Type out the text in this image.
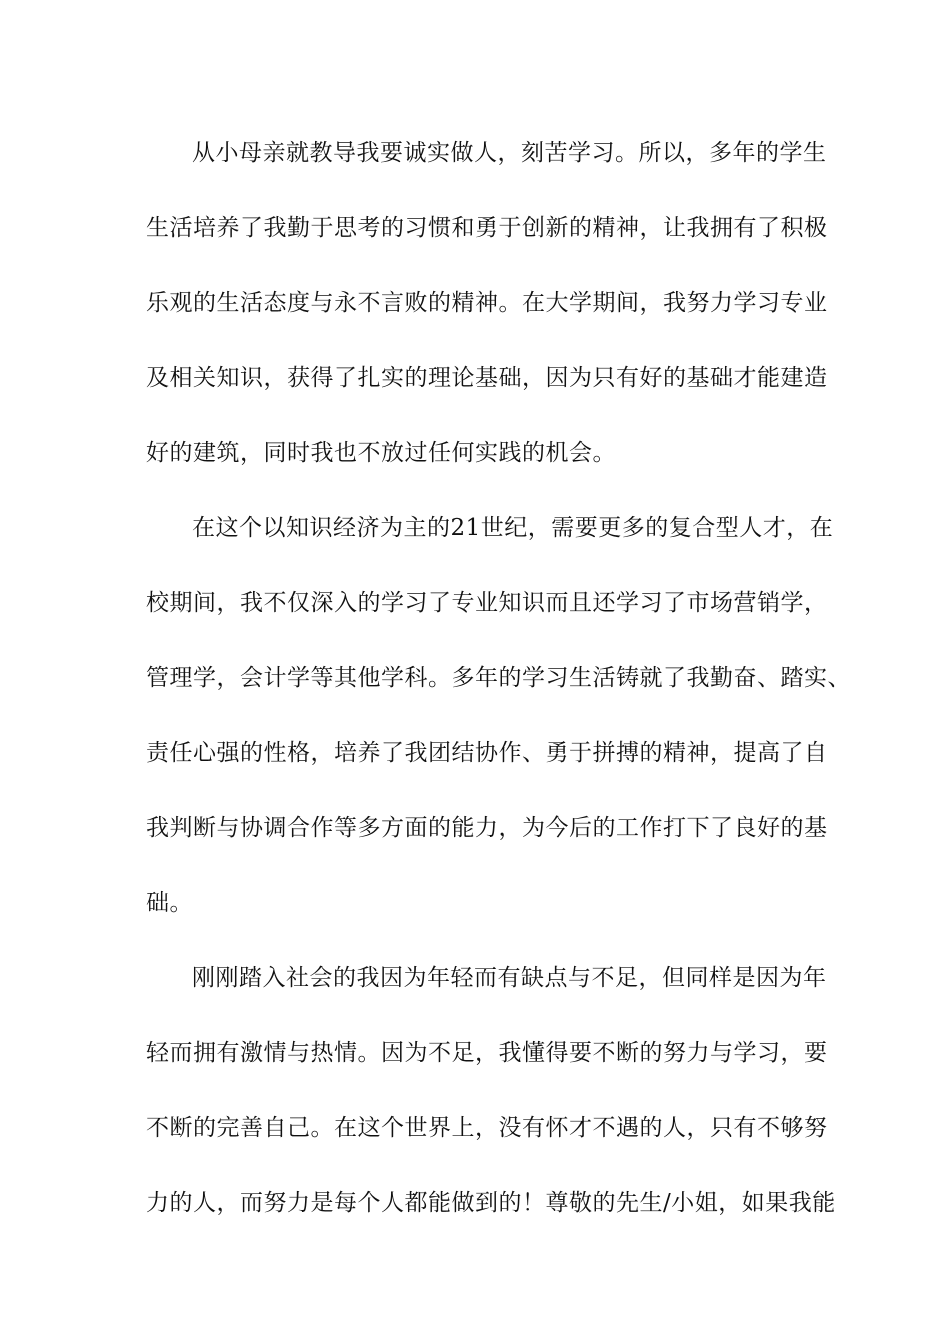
从小母亲就教导我要诚实做人，刻苦学习。所以，多年的学生
生活培养了我勤于思考的习惯和勇于创新的精神，让我拥有了积极
乐观的生活态度与永不言败的精神。在大学期间，我努力学习专业
及相关知识，获得了扎实的理论基础，因为只有好的基础才能建造
好的建筑，同时我也不放过任何实践的机会。
在这个以知识经济为主的21世纪，需要更多的复合型人才，在
校期间，我不仅深入的学习了专业知识而且还学习了市场营销学，
管理学，会计学等其他学科。多年的学习生活铸就了我勤奋、踏实、
责任心强的性格，培养了我团结协作、勇于拼搏的精神，提高了自
我判断与协调合作等多方面的能力，为今后的工作打下了良好的基
础。
刚刚踏入社会的我因为年轻而有缺点与不足，但同样是因为年
轻而拥有激情与热情。因为不足，我懂得要不断的努力与学习，要
不断的完善自己。在这个世界上，没有怀才不遇的人，只有不够努
力的人，而努力是每个人都能做到的！尊敬的先生/小姐，如果我能
